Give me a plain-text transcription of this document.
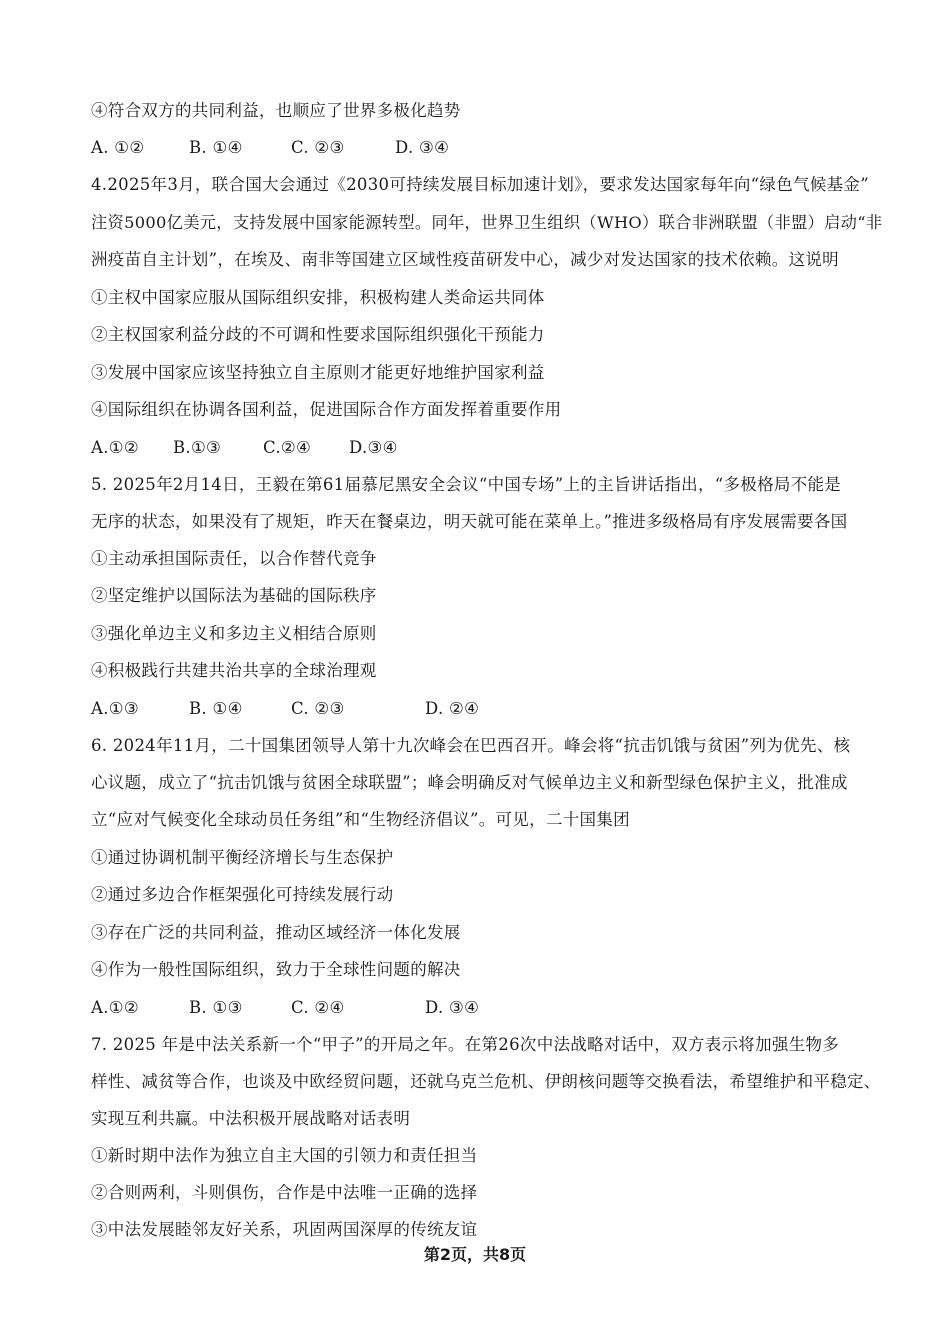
④符合双方的共同利益，也顺应了世界多极化趋势
A. ①②	B. ①④	C. ②③	D. ③④
4.2025年3月，联合国大会通过《2030可持续发展目标加速计划》，要求发达国家每年向“绿色气候基金”
注资5000亿美元，支持发展中国家能源转型。同年，世界卫生组织（WHO）联合非洲联盟（非盟）启动“非
洲疫苗自主计划”，在埃及、南非等国建立区域性疫苗研发中心，减少对发达国家的技术依赖。这说明
①主权中国家应服从国际组织安排，积极构建人类命运共同体
②主权国家利益分歧的不可调和性要求国际组织强化干预能力
③发展中国家应该坚持独立自主原则才能更好地维护国家利益
④国际组织在协调各国利益，促进国际合作方面发挥着重要作用
A.①② B.①③	C.②④ D.③④
5. 2025年2月14日，王毅在第61届慕尼黑安全会议“中国专场”上的主旨讲话指出，“多极格局不能是
无序的状态，如果没有了规矩，昨天在餐桌边，明天就可能在菜单上。”推进多级格局有序发展需要各国
①主动承担国际责任，以合作替代竞争
②坚定维护以国际法为基础的国际秩序
③强化单边主义和多边主义相结合原则
④积极践行共建共治共享的全球治理观
A.①③	B. ①④	C. ②③	D. ②④
6. 2024年11月，二十国集团领导人第十九次峰会在巴西召开。峰会将“抗击饥饿与贫困”列为优先、核
心议题，成立了“抗击饥饿与贫困全球联盟”；峰会明确反对气候单边主义和新型绿色保护主义，批准成
立“应对气候变化全球动员任务组”和“生物经济倡议”。可见，二十国集团
①通过协调机制平衡经济增长与生态保护
②通过多边合作框架强化可持续发展行动
③存在广泛的共同利益，推动区域经济一体化发展
④作为一般性国际组织，致力于全球性问题的解决
A.①②	B. ①③	C. ②④	D. ③④
7. 2025 年是中法关系新一个“甲子”的开局之年。在第26次中法战略对话中，双方表示将加强生物多
样性、减贫等合作，也谈及中欧经贸问题，还就乌克兰危机、伊朗核问题等交换看法，希望维护和平稳定、
实现互利共赢。中法积极开展战略对话表明
①新时期中法作为独立自主大国的引领力和责任担当
②合则两利，斗则俱伤，合作是中法唯一正确的选择
③中法发展睦邻友好关系，巩固两国深厚的传统友谊
第2页，共8页
